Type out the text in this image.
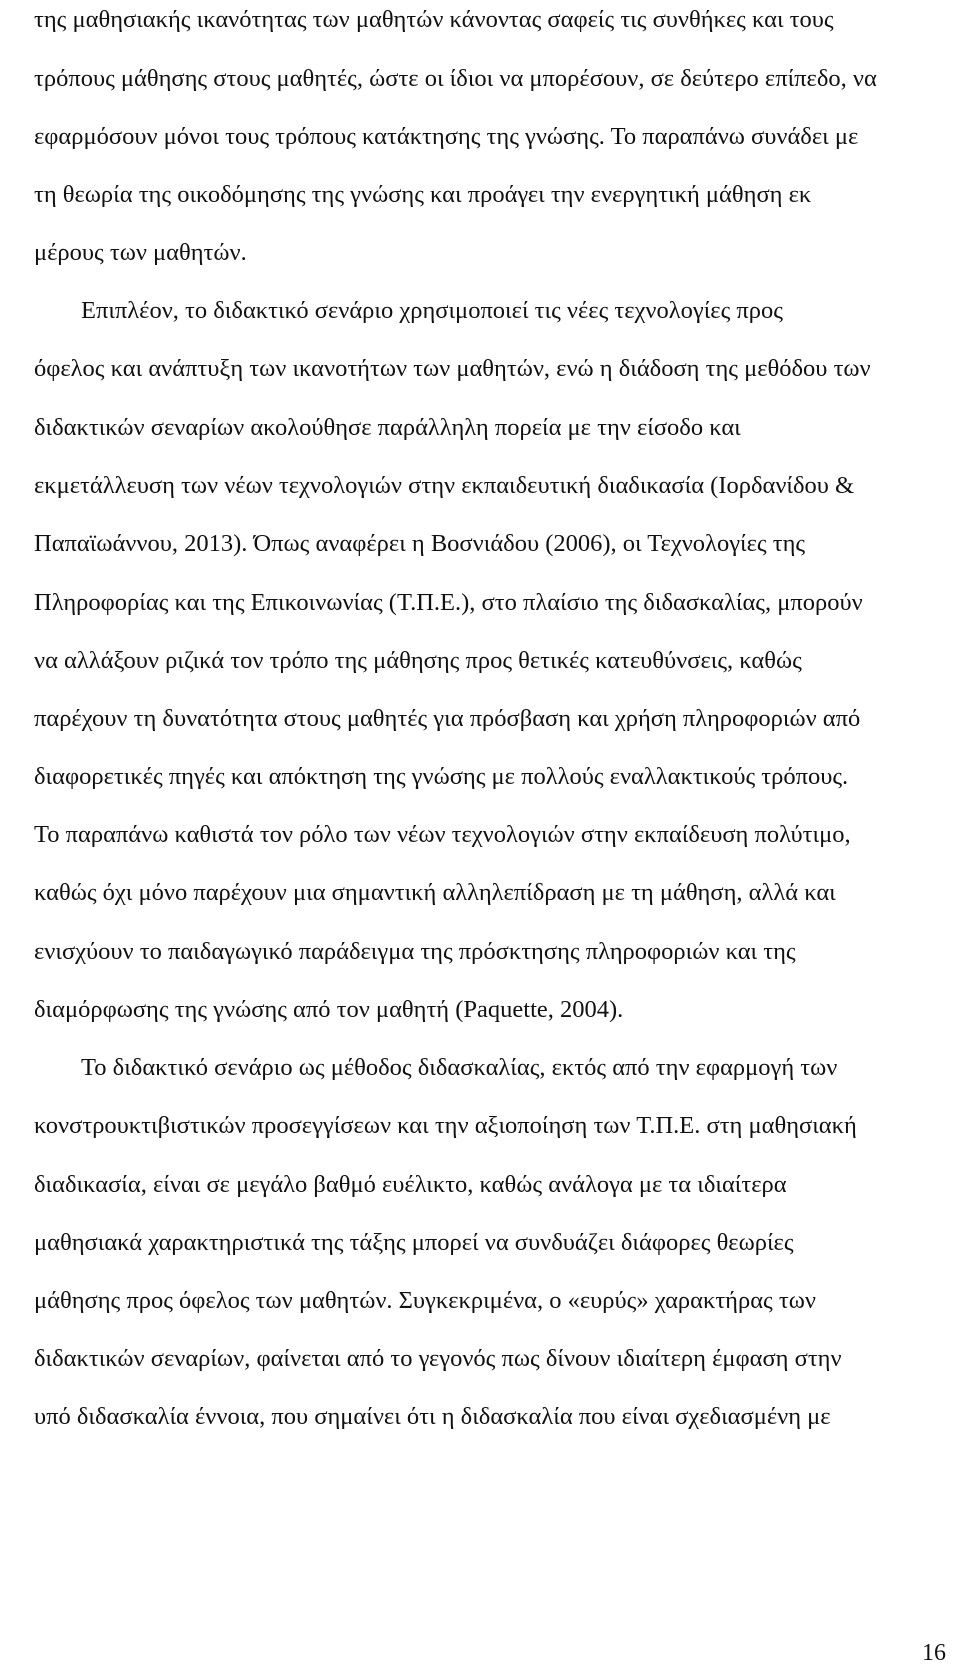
της μαθησιακής ικανότητας των μαθητών κάνοντας σαφείς τις συνθήκες και τους
τρόπους μάθησης στους μαθητές, ώστε οι ίδιοι να μπορέσουν, σε δεύτερο επίπεδο, να
εφαρμόσουν μόνοι τους τρόπους κατάκτησης της γνώσης. Το παραπάνω συνάδει με
τη θεωρία της οικοδόμησης της γνώσης και προάγει την ενεργητική μάθηση εκ
μέρους των μαθητών.
Επιπλέον, το διδακτικό σενάριο χρησιμοποιεί τις νέες τεχνολογίες προς
όφελος και ανάπτυξη των ικανοτήτων των μαθητών, ενώ η διάδοση της μεθόδου των
διδακτικών σεναρίων ακολούθησε παράλληλη πορεία με την είσοδο και
εκμετάλλευση των νέων τεχνολογιών στην εκπαιδευτική διαδικασία (Ιορδανίδου &
Παπαϊωάννου, 2013). Όπως αναφέρει η Βοσνιάδου (2006), οι Τεχνολογίες της
Πληροφορίας και της Επικοινωνίας (Τ.Π.Ε.), στο πλαίσιο της διδασκαλίας, μπορούν
να αλλάξουν ριζικά τον τρόπο της μάθησης προς θετικές κατευθύνσεις, καθώς
παρέχουν τη δυνατότητα στους μαθητές για πρόσβαση και χρήση πληροφοριών από
διαφορετικές πηγές και απόκτηση της γνώσης με πολλούς εναλλακτικούς τρόπους.
Το παραπάνω καθιστά τον ρόλο των νέων τεχνολογιών στην εκπαίδευση πολύτιμο,
καθώς όχι μόνο παρέχουν μια σημαντική αλληλεπίδραση με τη μάθηση, αλλά και
ενισχύουν το παιδαγωγικό παράδειγμα της πρόσκτησης πληροφοριών και της
διαμόρφωσης της γνώσης από τον μαθητή (Paquette, 2004).
Το διδακτικό σενάριο ως μέθοδος διδασκαλίας, εκτός από την εφαρμογή των
κονστρουκτιβιστικών προσεγγίσεων και την αξιοποίηση των Τ.Π.Ε. στη μαθησιακή
διαδικασία, είναι σε μεγάλο βαθμό ευέλικτο, καθώς ανάλογα με τα ιδιαίτερα
μαθησιακά χαρακτηριστικά της τάξης μπορεί να συνδυάζει διάφορες θεωρίες
μάθησης προς όφελος των μαθητών. Συγκεκριμένα, ο «ευρύς» χαρακτήρας των
διδακτικών σεναρίων, φαίνεται από το γεγονός πως δίνουν ιδιαίτερη έμφαση στην
υπό διδασκαλία έννοια, που σημαίνει ότι η διδασκαλία που είναι σχεδιασμένη με
16
